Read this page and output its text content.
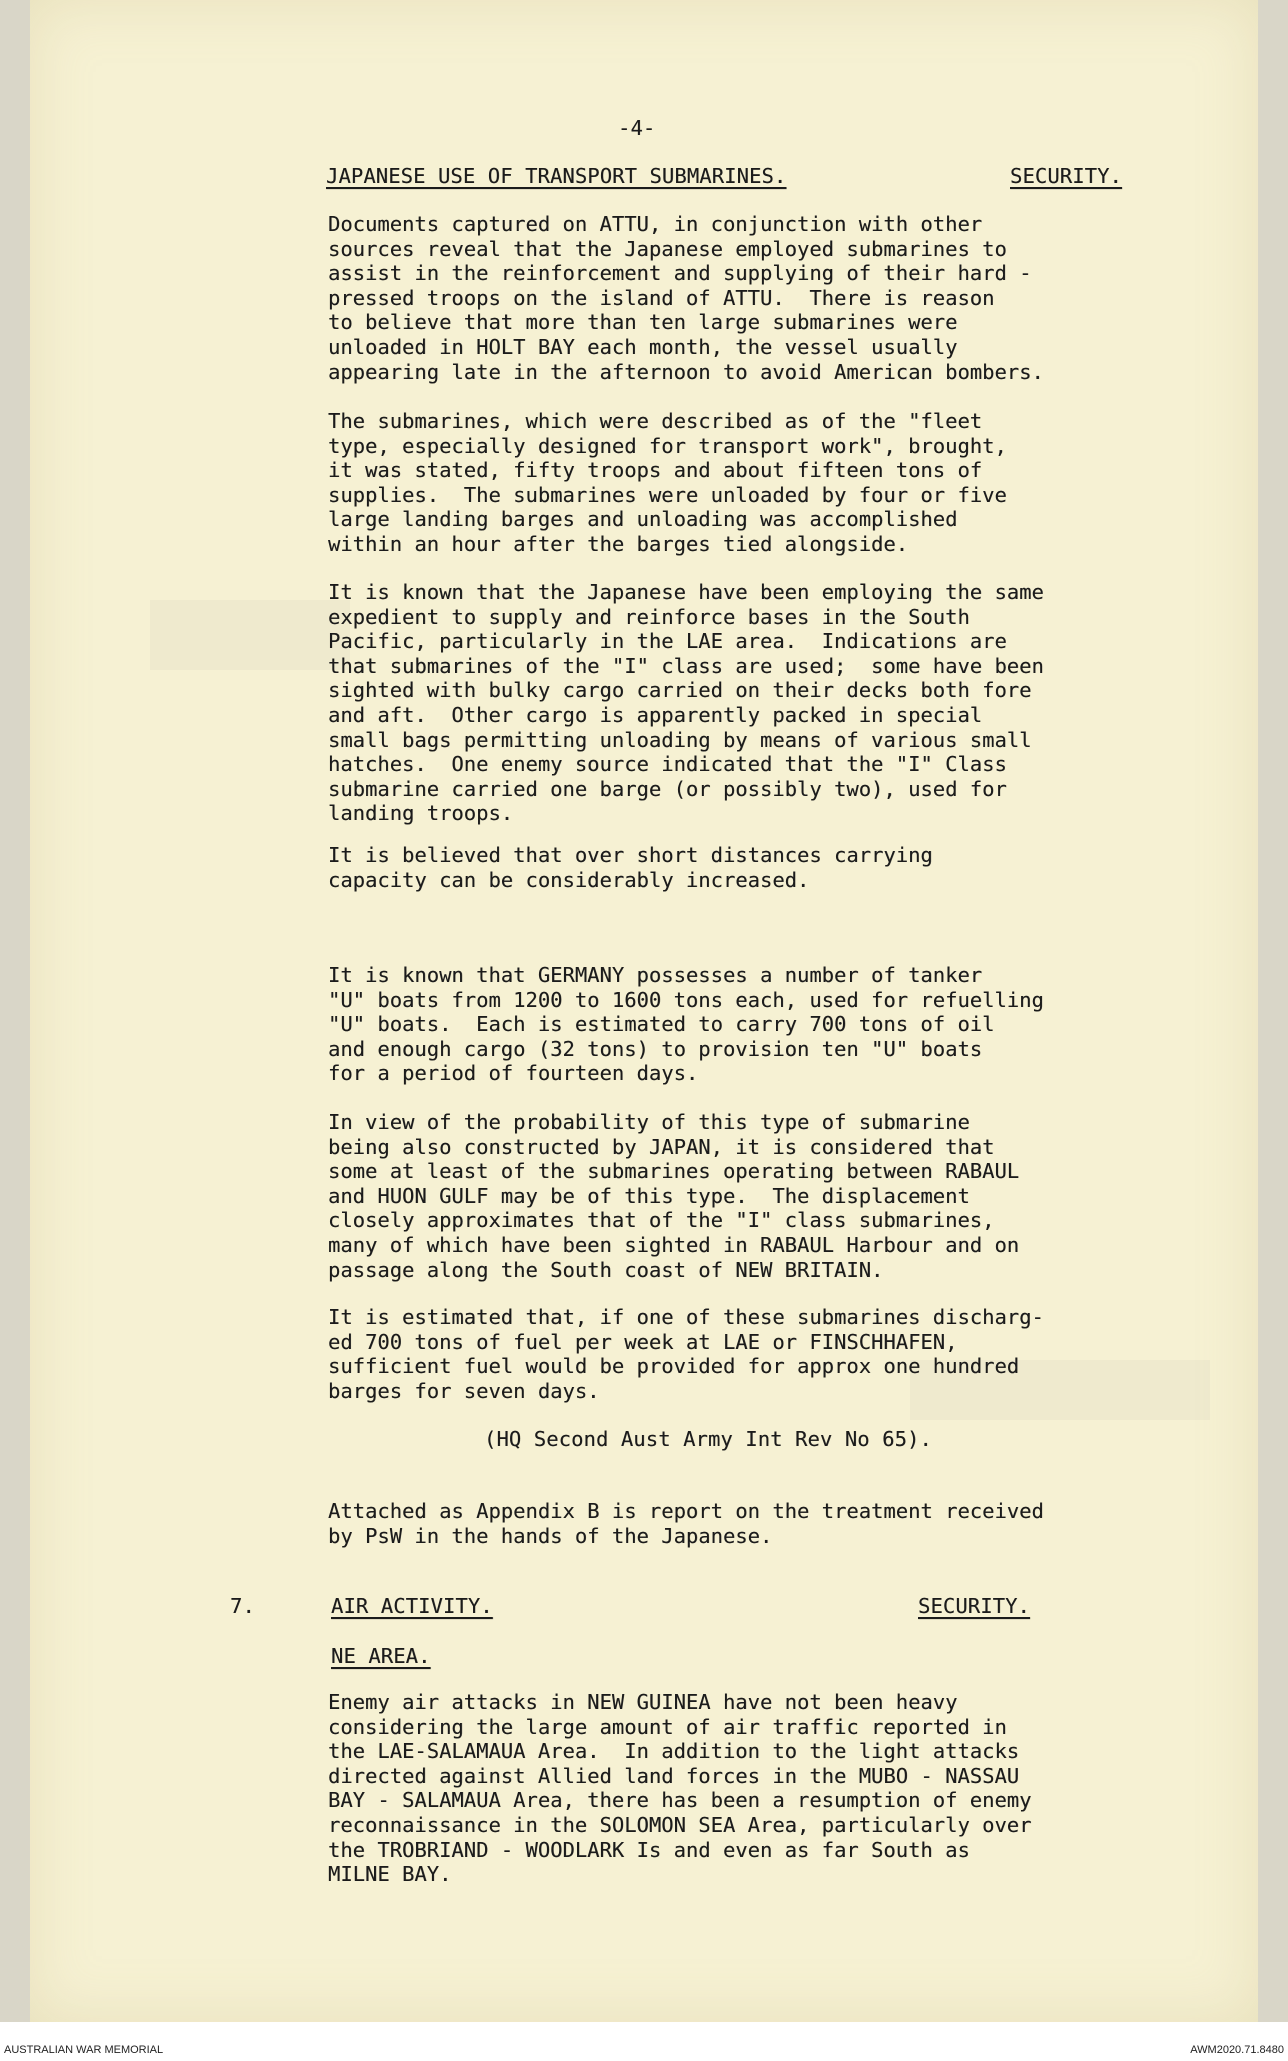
-4-
JAPANESE USE OF TRANSPORT SUBMARINES.	SECURITY.
Documents captured on ATTU, in conjunction with other
sources reveal that the Japanese employed submarines to
assist in the reinforcement and supplying of their hard -
pressed troops on the island of ATTU.  There is reason
to believe that more than ten large submarines were
unloaded in HOLT BAY each month, the vessel usually
appearing late in the afternoon to avoid American bombers.
The submarines, which were described as of the "fleet
type, especially designed for transport work", brought,
it was stated, fifty troops and about fifteen tons of
supplies.  The submarines were unloaded by four or five
large landing barges and unloading was accomplished
within an hour after the barges tied alongside.
It is known that the Japanese have been employing the same
expedient to supply and reinforce bases in the South
Pacific, particularly in the LAE area.  Indications are
that submarines of the "I" class are used;  some have been
sighted with bulky cargo carried on their decks both fore
and aft.  Other cargo is apparently packed in special
small bags permitting unloading by means of various small
hatches.  One enemy source indicated that the "I" Class
submarine carried one barge (or possibly two), used for
landing troops.
It is believed that over short distances carrying
capacity can be considerably increased.
It is known that GERMANY possesses a number of tanker
"U" boats from 1200 to 1600 tons each, used for refuelling
"U" boats.  Each is estimated to carry 700 tons of oil
and enough cargo (32 tons) to provision ten "U" boats
for a period of fourteen days.
In view of the probability of this type of submarine
being also constructed by JAPAN, it is considered that
some at least of the submarines operating between RABAUL
and HUON GULF may be of this type.  The displacement
closely approximates that of the "I" class submarines,
many of which have been sighted in RABAUL Harbour and on
passage along the South coast of NEW BRITAIN.
It is estimated that, if one of these submarines discharg-
ed 700 tons of fuel per week at LAE or FINSCHHAFEN,
sufficient fuel would be provided for approx one hundred
barges for seven days.
(HQ Second Aust Army Int Rev No 65).
Attached as Appendix B is report on the treatment received
by PsW in the hands of the Japanese.
7.	AIR ACTIVITY.	SECURITY.
NE AREA.
Enemy air attacks in NEW GUINEA have not been heavy
considering the large amount of air traffic reported in
the LAE-SALAMAUA Area.  In addition to the light attacks
directed against Allied land forces in the MUBO - NASSAU
BAY - SALAMAUA Area, there has been a resumption of enemy
reconnaissance in the SOLOMON SEA Area, particularly over
the TROBRIAND - WOODLARK Is and even as far South as
MILNE BAY.
AUSTRALIAN WAR MEMORIAL	AWM2020.71.8480
